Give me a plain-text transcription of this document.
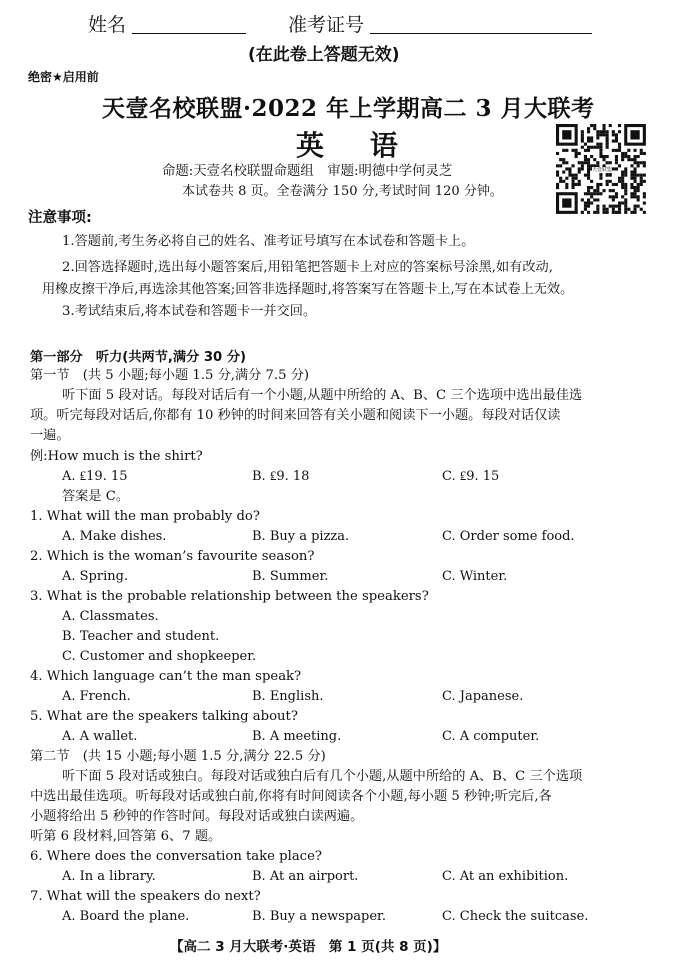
姓名	准考证号
(在此卷上答题无效)
绝密★启用前
天壹名校联盟·2022 年上学期高二 3 月大联考
英 语
命题:天壹名校联盟命题组　审题:明德中学何灵芝
本试卷共 8 页。全卷满分 150 分,考试时间 120 分钟。
天壹联盟
注意事项:
1.答题前,考生务必将自己的姓名、准考证号填写在本试卷和答题卡上。
2.回答选择题时,选出每小题答案后,用铅笔把答题卡上对应的答案标号涂黑,如有改动,
用橡皮擦干净后,再选涂其他答案;回答非选择题时,将答案写在答题卡上,写在本试卷上无效。
3.考试结束后,将本试卷和答题卡一并交回。
第一部分　听力(共两节,满分 30 分)
第一节　(共 5 小题;每小题 1.5 分,满分 7.5 分)
听下面 5 段对话。每段对话后有一个小题,从题中所给的 A、B、C 三个选项中选出最佳选
项。听完每段对话后,你都有 10 秒钟的时间来回答有关小题和阅读下一小题。每段对话仅读
一遍。
例:How much is the shirt?
A. ₤19. 15	B. ₤9. 18	C. ₤9. 15
答案是 C。
1. What will the man probably do?
A. Make dishes.	B. Buy a pizza.	C. Order some food.
2. Which is the woman’s favourite season?
A. Spring.	B. Summer.	C. Winter.
3. What is the probable relationship between the speakers?
A. Classmates.
B. Teacher and student.
C. Customer and shopkeeper.
4. Which language can’t the man speak?
A. French.	B. English.	C. Japanese.
5. What are the speakers talking about?
A. A wallet.	B. A meeting.	C. A computer.
第二节　(共 15 小题;每小题 1.5 分,满分 22.5 分)
听下面 5 段对话或独白。每段对话或独白后有几个小题,从题中所给的 A、B、C 三个选项
中选出最佳选项。听每段对话或独白前,你将有时间阅读各个小题,每小题 5 秒钟;听完后,各
小题将给出 5 秒钟的作答时间。每段对话或独白读两遍。
听第 6 段材料,回答第 6、7 题。
6. Where does the conversation take place?
A. In a library.	B. At an airport.	C. At an exhibition.
7. What will the speakers do next?
A. Board the plane.	B. Buy a newspaper.	C. Check the suitcase.
【高二 3 月大联考·英语　第 1 页(共 8 页)】
